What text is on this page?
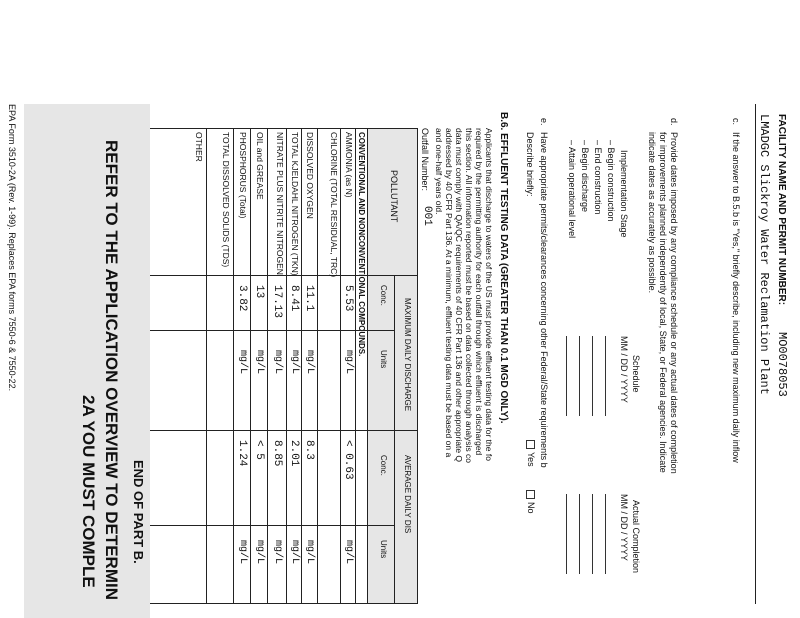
FACILITY NAME AND PERMIT NUMBER:
MO0078053
LMADGC Slickroy Water Reclamation Plant
c.
If the answer to B.5.b is "Yes," briefly describe, including new maximum daily inflow
d.
Provide dates imposed by any compliance schedule or any actual dates of completion
for improvements planned independently of local, State, or Federal agencies. Indicate
indicate dates as accurately as possible.
Schedule
Actual Completion
Implementation Stage
MM / DD / YYYY
MM / DD / YYYY
– Begin construction
– End construction
– Begin discharge
– Attain operational level
e.
Have appropriate permits/clearances concerning other Federal/State requirements b
Describe briefly:
Yes
No
B.6. EFFLUENT TESTING DATA (GREATER THAN 0.1 MGD ONLY).
Applicants that discharge to waters of the US must provide effluent testing data for the fo
required by the permitting authority for each outfall through which effluent is discharged
this section. All information reported must be based on data collected through analysis co
data must comply with QA/QC requirements of 40 CFR Part 136 and other appropriate Q
addressed by 40 CFR Part 136. At a minimum, effluent testing data must be based on a
and one-half years old.
Outfall Number:
001
POLLUTANT
MAXIMUM DAILY DISCHARGE
AVERAGE DAILY DIS
Conc.
Units
Conc.
Units
CONVENTIONAL AND NONCONVENTIONAL COMPOUNDS.
AMMONIA (as N)
5.53
mg/L
< 0.63
mg/L
CHLORINE (TOTAL RESIDUAL, TRC)
DISSOLVED OXYGEN
11.1
mg/L
8.3
mg/L
TOTAL KJELDAHL NITROGEN (TKN)
8.41
mg/L
2.01
mg/L
NITRATE PLUS NITRITE NITROGEN
17.13
mg/L
8.85
mg/L
OIL and GREASE
13
mg/L
< 5
mg/L
PHOSPHORUS (Total)
3.82
mg/L
1.24
mg/L
TOTAL DISSOLVED SOLIDS (TDS)
OTHER
END OF PART B.
REFER TO THE APPLICATION OVERVIEW TO DETERMIN
2A YOU MUST COMPLE
EPA Form 3510-2A (Rev. 1-99). Replaces EPA forms 7550-6 & 7550-22.
